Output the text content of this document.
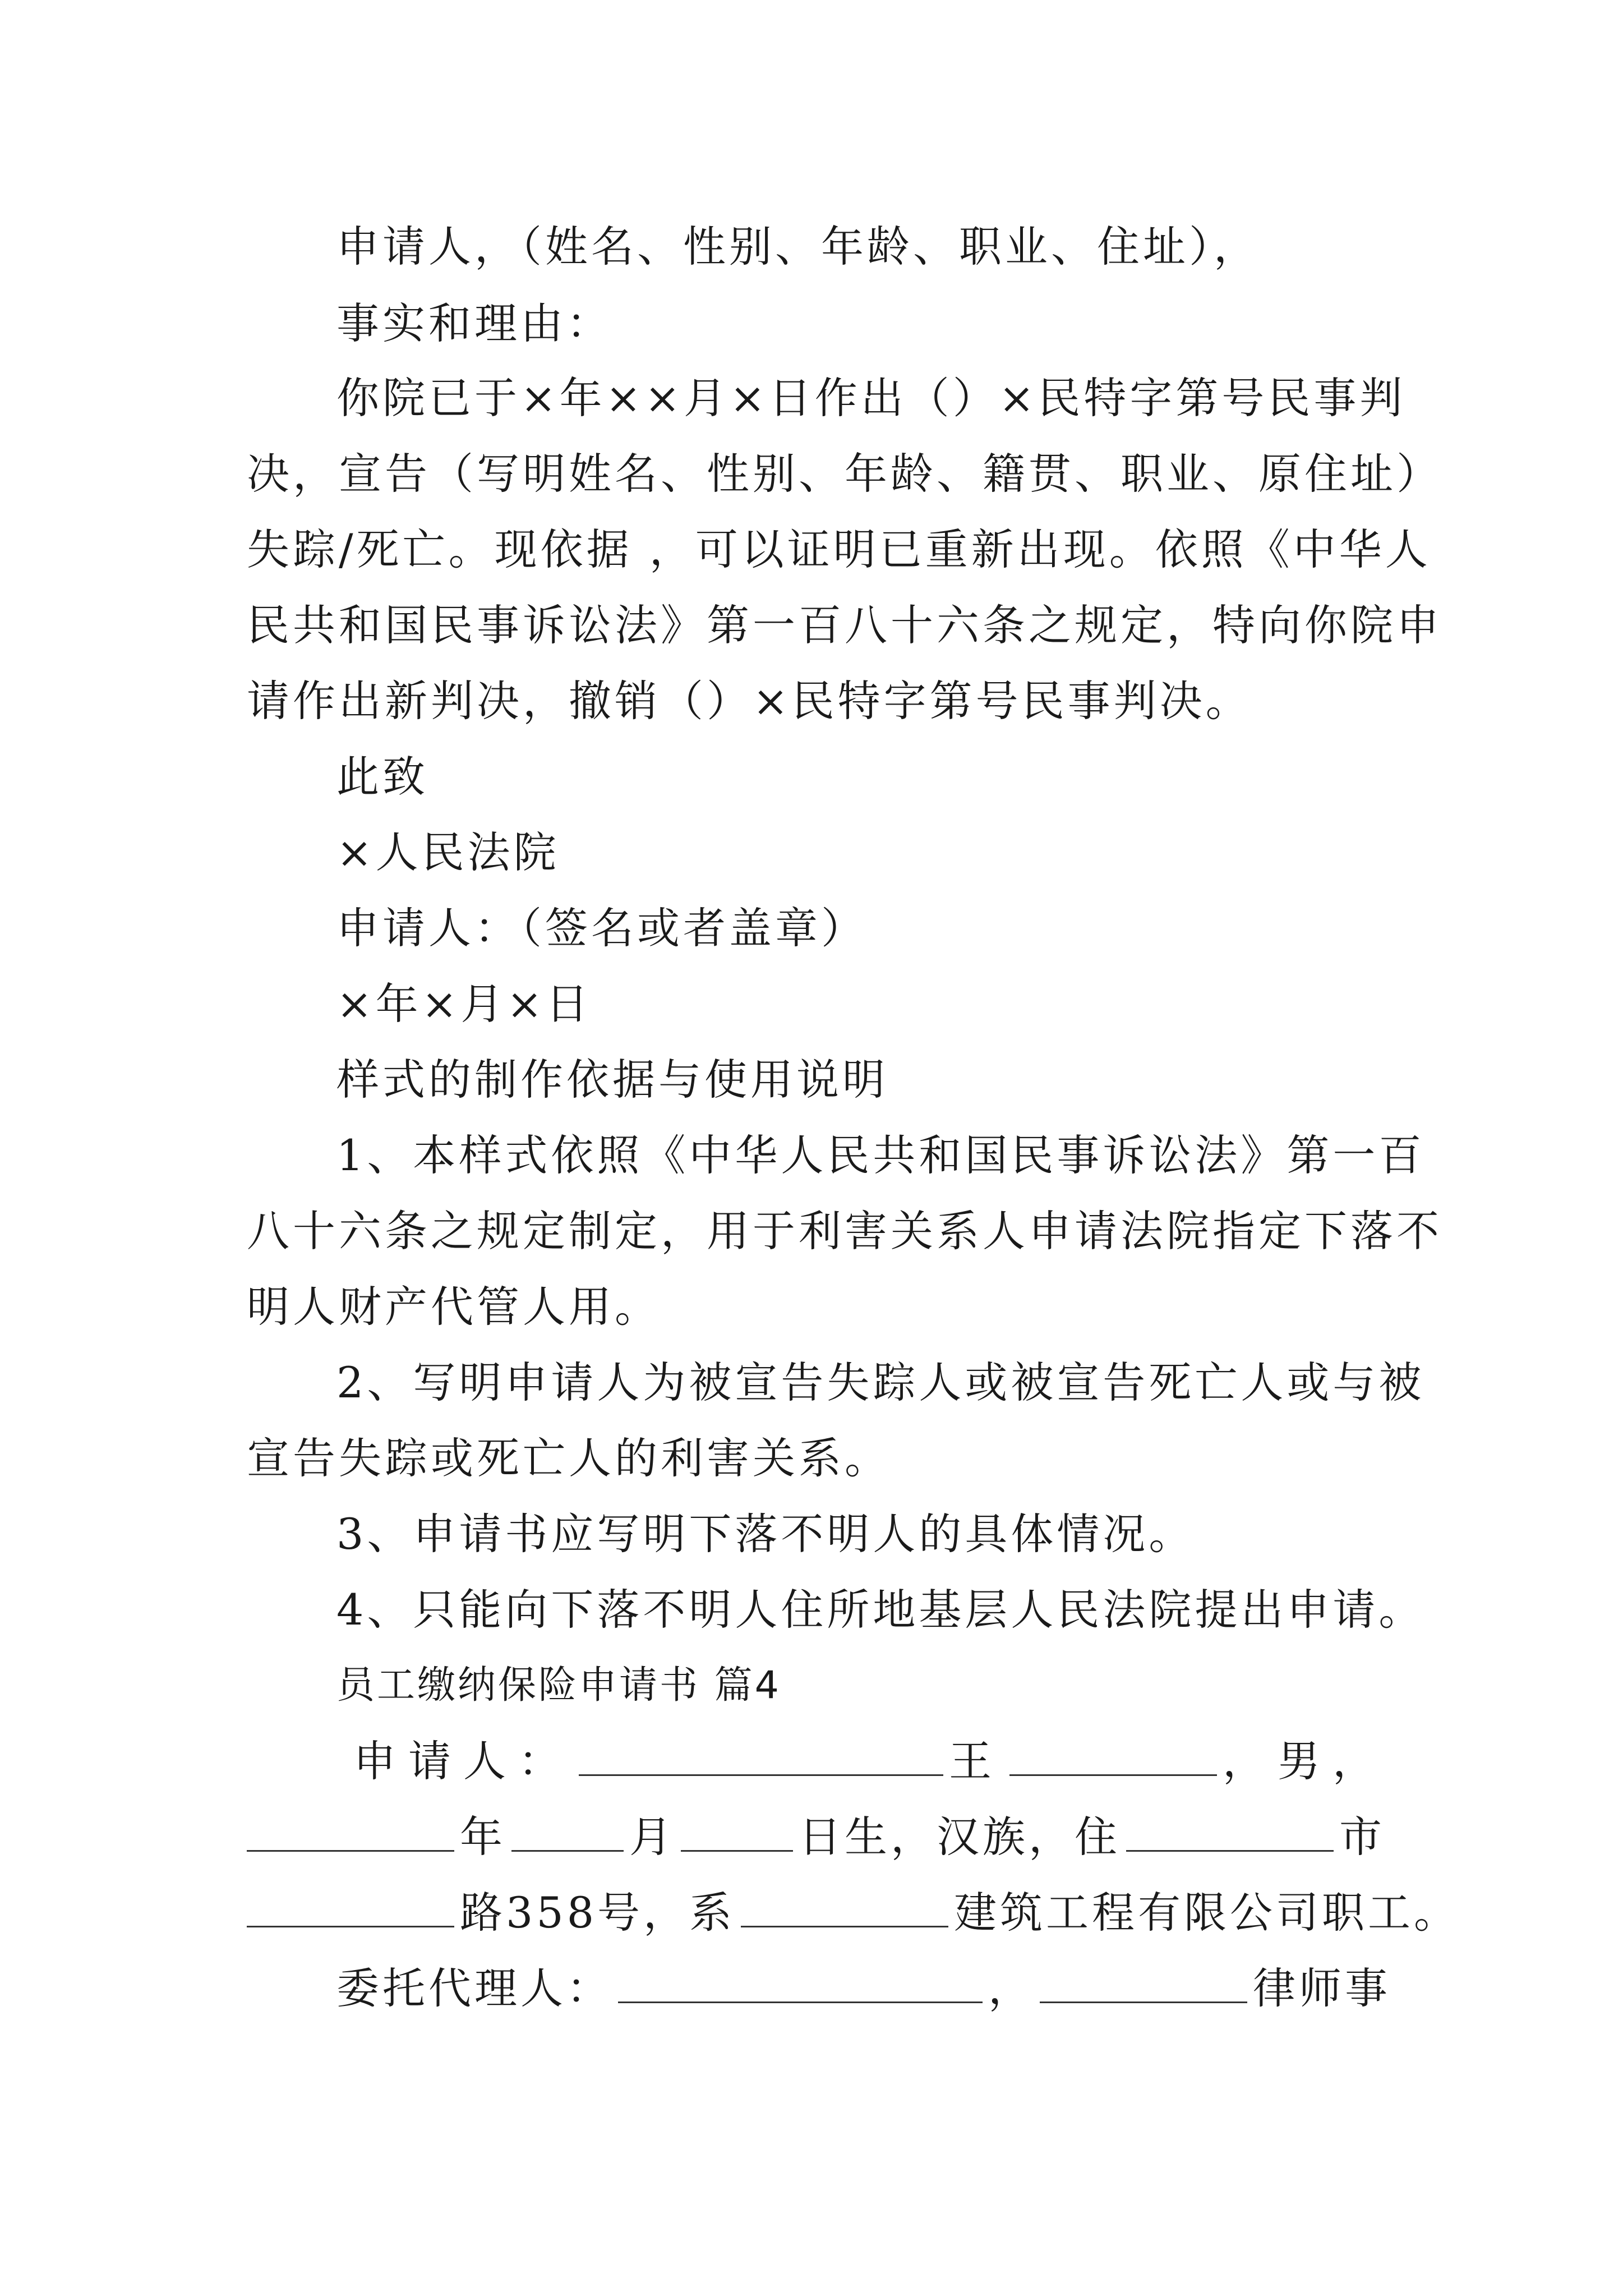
申请人，（姓名、性别、年龄、职业、住址），
事实和理由：
你院已于×年××月×日作出（）×民特字第号民事判
决，宣告（写明姓名、性别、年龄、籍贯、职业、原住址）
失踪/死亡。现依据 ，可以证明已重新出现。依照《中华人
民共和国民事诉讼法》第一百八十六条之规定，特向你院申
请作出新判决，撤销（）×民特字第号民事判决。
此致
×人民法院
申请人：（签名或者盖章）
×年×月×日
样式的制作依据与使用说明
1、本样式依照《中华人民共和国民事诉讼法》第一百
八十六条之规定制定，用于利害关系人申请法院指定下落不
明人财产代管人用。
2、写明申请人为被宣告失踪人或被宣告死亡人或与被
宣告失踪或死亡人的利害关系。
3、申请书应写明下落不明人的具体情况。
4、只能向下落不明人住所地基层人民法院提出申请。
员工缴纳保险申请书 篇4
申请人：	王	，男，
年	月	日生，汉族，住	市
路358号，系	建筑工程有限公司职工。
委托代理人：	，	律师事
